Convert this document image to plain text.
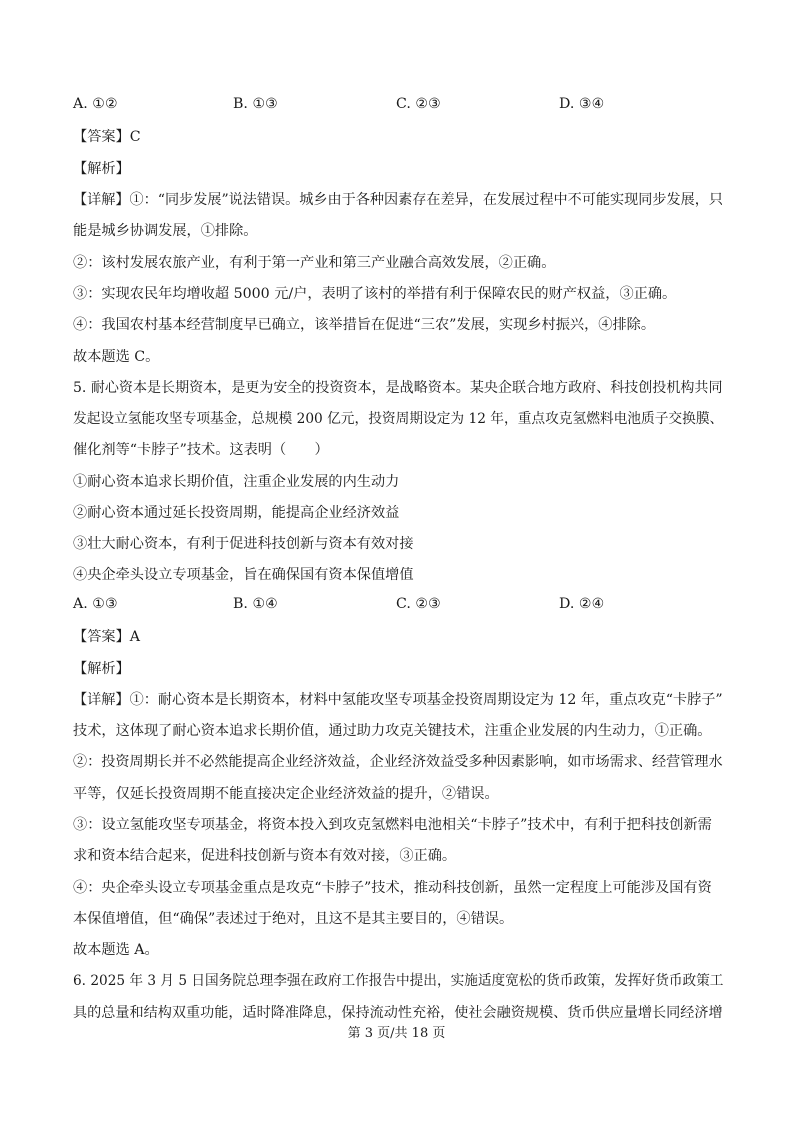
A. ①②	B. ①③	C. ②③	D. ③④
【答案】C
【解析】
【详解】①：“同步发展”说法错误。城乡由于各种因素存在差异，在发展过程中不可能实现同步发展，只
能是城乡协调发展，①排除。
②：该村发展农旅产业，有利于第一产业和第三产业融合高效发展，②正确。
③：实现农民年均增收超 5000 元/户，表明了该村的举措有利于保障农民的财产权益，③正确。
④：我国农村基本经营制度早已确立，该举措旨在促进“三农”发展，实现乡村振兴，④排除。
故本题选 C。
5. 耐心资本是长期资本，是更为安全的投资资本，是战略资本。某央企联合地方政府、科技创投机构共同
发起设立氢能攻坚专项基金，总规模 200 亿元，投资周期设定为 12 年，重点攻克氢燃料电池质子交换膜、
催化剂等“卡脖子”技术。这表明（　　）
①耐心资本追求长期价值，注重企业发展的内生动力
②耐心资本通过延长投资周期，能提高企业经济效益
③壮大耐心资本，有利于促进科技创新与资本有效对接
④央企牵头设立专项基金，旨在确保国有资本保值增值
A. ①③	B. ①④	C. ②③	D. ②④
【答案】A
【解析】
【详解】①：耐心资本是长期资本，材料中氢能攻坚专项基金投资周期设定为 12 年，重点攻克“卡脖子”
技术，这体现了耐心资本追求长期价值，通过助力攻克关键技术，注重企业发展的内生动力，①正确。
②：投资周期长并不必然能提高企业经济效益，企业经济效益受多种因素影响，如市场需求、经营管理水
平等，仅延长投资周期不能直接决定企业经济效益的提升，②错误。
③：设立氢能攻坚专项基金，将资本投入到攻克氢燃料电池相关“卡脖子”技术中，有利于把科技创新需
求和资本结合起来，促进科技创新与资本有效对接，③正确。
④：央企牵头设立专项基金重点是攻克“卡脖子”技术，推动科技创新，虽然一定程度上可能涉及国有资
本保值增值，但“确保”表述过于绝对，且这不是其主要目的，④错误。
故本题选 A。
6. 2025 年 3 月 5 日国务院总理李强在政府工作报告中提出，实施适度宽松的货币政策，发挥好货币政策工
具的总量和结构双重功能，适时降准降息，保持流动性充裕，使社会融资规模、货币供应量增长同经济增
第 3 页/共 18 页
